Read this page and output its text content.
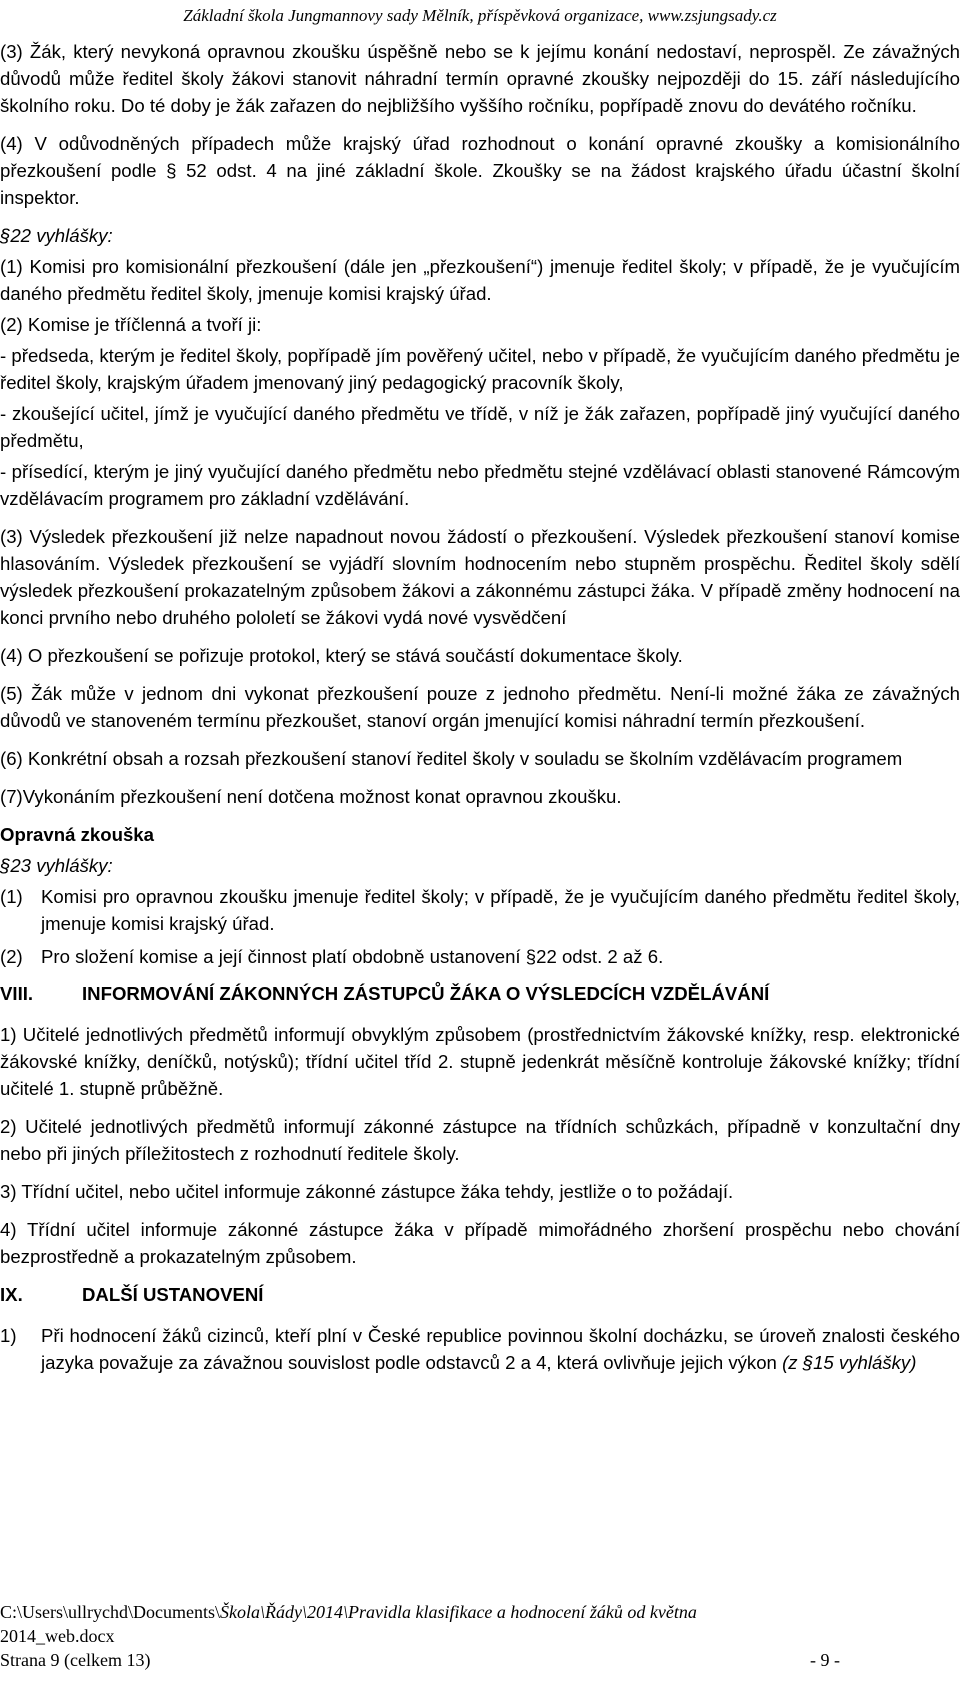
Základní škola Jungmannovy sady Mělník, příspěvková organizace, www.zsjungsady.cz

(3) Žák, který nevykoná opravnou zkoušku úspěšně nebo se k jejímu konání nedostaví, neprospěl. Ze závažných důvodů může ředitel školy žákovi stanovit náhradní termín opravné zkoušky nejpozději do 15. září následujícího školního roku. Do té doby je žák zařazen do nejbližšího vyššího ročníku, popřípadě znovu do devátého ročníku.

(4) V odůvodněných případech může krajský úřad rozhodnout o konání opravné zkoušky a komisionálního přezkoušení podle § 52 odst. 4 na jiné základní škole. Zkoušky se na žádost krajského úřadu účastní školní inspektor.

§22 vyhlášky:

(1) Komisi pro komisionální přezkoušení (dále jen „přezkoušení“) jmenuje ředitel školy; v případě, že je vyučujícím daného předmětu ředitel školy, jmenuje komisi krajský úřad.

(2) Komise je tříčlenná a tvoří ji:

- předseda, kterým je ředitel školy, popřípadě jím pověřený učitel, nebo v případě, že vyučujícím daného předmětu je ředitel školy, krajským úřadem jmenovaný jiný pedagogický pracovník školy,

- zkoušející učitel, jímž je vyučující daného předmětu ve třídě, v níž je žák zařazen, popřípadě jiný vyučující daného předmětu,

- přísedící, kterým je jiný vyučující daného předmětu nebo předmětu stejné vzdělávací oblasti stanovené Rámcovým vzdělávacím programem pro základní vzdělávání.

(3) Výsledek přezkoušení již nelze napadnout novou žádostí o přezkoušení. Výsledek přezkoušení stanoví komise hlasováním. Výsledek přezkoušení se vyjádří slovním hodnocením nebo stupněm prospěchu. Ředitel školy sdělí výsledek přezkoušení prokazatelným způsobem žákovi a zákonnému zástupci žáka. V případě změny hodnocení na konci prvního nebo druhého pololetí se žákovi vydá nové vysvědčení

(4) O přezkoušení se pořizuje protokol, který se stává součástí dokumentace školy.

(5) Žák může v jednom dni vykonat přezkoušení pouze z jednoho předmětu. Není-li možné žáka ze závažných důvodů ve stanoveném termínu přezkoušet, stanoví orgán jmenující komisi náhradní termín přezkoušení.

(6) Konkrétní obsah a rozsah přezkoušení stanoví ředitel školy v souladu se školním vzdělávacím programem

(7)Vykonáním přezkoušení není dotčena možnost konat opravnou zkoušku.

Opravná zkouška

§23 vyhlášky:

(1) Komisi pro opravnou zkoušku jmenuje ředitel školy; v případě, že je vyučujícím daného předmětu ředitel školy, jmenuje komisi krajský úřad.
(2) Pro složení komise a její činnost platí obdobně ustanovení §22 odst. 2 až 6.
VIII.	INFORMOVÁNÍ ZÁKONNÝCH ZÁSTUPCŮ ŽÁKA O VÝSLEDCÍCH VZDĚLÁVÁNÍ

1) Učitelé jednotlivých předmětů informují obvyklým způsobem (prostřednictvím žákovské knížky, resp. elektronické žákovské knížky, deníčků, notýsků); třídní učitel tříd 2. stupně jedenkrát měsíčně kontroluje žákovské knížky; třídní učitelé 1. stupně průběžně.

2) Učitelé jednotlivých předmětů informují zákonné zástupce na třídních schůzkách, případně v konzultační dny nebo při jiných příležitostech z rozhodnutí ředitele školy.

3) Třídní učitel, nebo učitel informuje zákonné zástupce žáka tehdy, jestliže o to požádají.

4) Třídní učitel informuje zákonné zástupce žáka v případě mimořádného zhoršení prospěchu nebo chování bezprostředně a prokazatelným způsobem.

IX.	DALŠÍ USTANOVENÍ
1)	Při hodnocení žáků cizinců, kteří plní v České republice povinnou školní docházku, se úroveň znalosti českého jazyka považuje za závažnou souvislost podle odstavců 2 a 4, která ovlivňuje jejich výkon (z §15 vyhlášky)
C:\Users\ullrychd\Documents\Škola\Řády\2014\Pravidla klasifikace a hodnocení žáků od května
2014_web.docx
Strana 9 (celkem 13)	- 9 -
